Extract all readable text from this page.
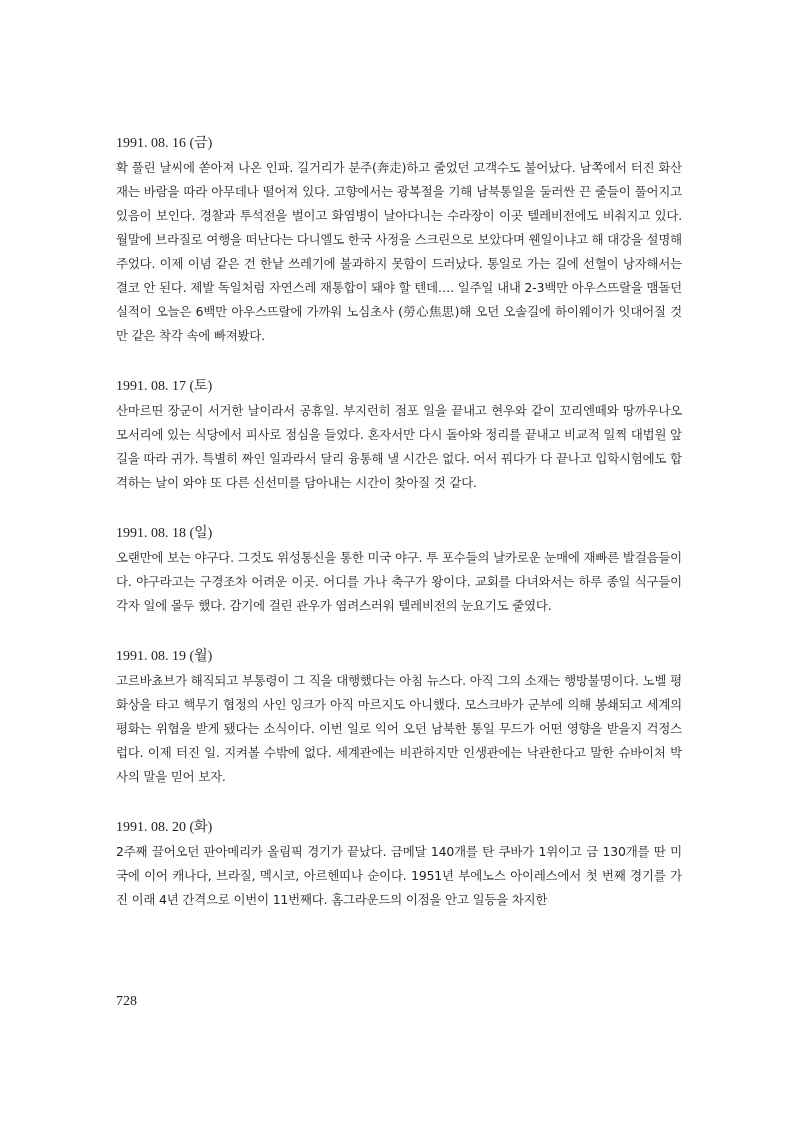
1991. 08. 16 (금)
확 풀린 날씨에 쏟아져 나온 인파. 길거리가 분주(奔走)하고 줄었던 고객수도 불어났다. 남쪽에서 터진 화산재는 바람을 따라 아무데나 떨어져 있다. 고향에서는 광복절을 기해 남북통일을 둘러싼 끈 줄들이 풀어지고 있음이 보인다. 경찰과 투석전을 벌이고 화염병이 날아다니는 수라장이 이곳 텔레비전에도 비춰지고 있다. 월말에 브라질로 여행을 떠난다는 다니엘도 한국 사정을 스크린으로 보았다며 웬일이냐고 해 대강을 설명해 주었다. 이제 이념 같은 건 한낱 쓰레기에 불과하지 못함이 드러났다. 통일로 가는 길에 선혈이 낭자해서는 결코 안 된다. 제발 독일처럼 자연스레 재통합이 돼야 할 텐데…. 일주일 내내 2-3백만 아우스뜨랄을 맴돌던 실적이 오늘은 6백만 아우스뜨랄에 가까워 노심초사 (勞心焦思)해 오던 오솔길에 하이웨이가 잇대어질 것만 같은 착각 속에 빠져봤다.
1991. 08. 17 (토)
산마르띤 장군이 서거한 날이라서 공휴일. 부지런히 점포 일을 끝내고 현우와 같이 꼬리엔떼와 땅까우나오 모서리에 있는 식당에서 피사로 점심을 들었다. 혼자서만 다시 돌아와 정리를 끝내고 비교적 일찍 대법원 앞길을 따라 귀가. 특별히 짜인 일과라서 달리 융통해 낼 시간은 없다. 어서 꿔다가 다 끝나고 입학시험에도 합격하는 날이 와야 또 다른 신선미를 담아내는 시간이 찾아질 것 같다.
1991. 08. 18 (일)
오랜만에 보는 야구다. 그것도 위성통신을 통한 미국 야구. 투 포수들의 날카로운 눈매에 재빠른 발걸음들이다. 야구라고는 구경조차 어려운 이곳. 어디를 가나 축구가 왕이다. 교회를 다녀와서는 하루 종일 식구들이 각자 일에 몰두 했다. 감기에 걸린 관우가 염려스러워 텔레비전의 눈요기도 줄였다.
1991. 08. 19 (월)
고르바쵸브가 해직되고 부통령이 그 직을 대행했다는 아침 뉴스다. 아직 그의 소재는 행방불명이다. 노벨 평화상을 타고 핵무기 협정의 사인 잉크가 아직 마르지도 아니했다. 모스크바가 군부에 의해 봉쇄되고 세계의 평화는 위협을 받게 됐다는 소식이다. 이번 일로 익어 오던 남북한 통일 무드가 어떤 영향을 받을지 걱정스럽다. 이제 터진 일. 지켜볼 수밖에 없다. 세계관에는 비관하지만 인생관에는 낙관한다고 말한 슈바이처 박사의 말을 믿어 보자.
1991. 08. 20 (화)
2주째 끌어오던 판아메리카 올림픽 경기가 끝났다. 금메달 140개를 탄 쿠바가 1위이고 금 130개를 딴 미국에 이어 캐나다, 브라질, 멕시코, 아르헨띠나 순이다. 1951년 부에노스 아이레스에서 첫 번째 경기를 가진 이래 4년 간격으로 이번이 11번째다. 홈그라운드의 이점을 안고 일등을 차지한
728
